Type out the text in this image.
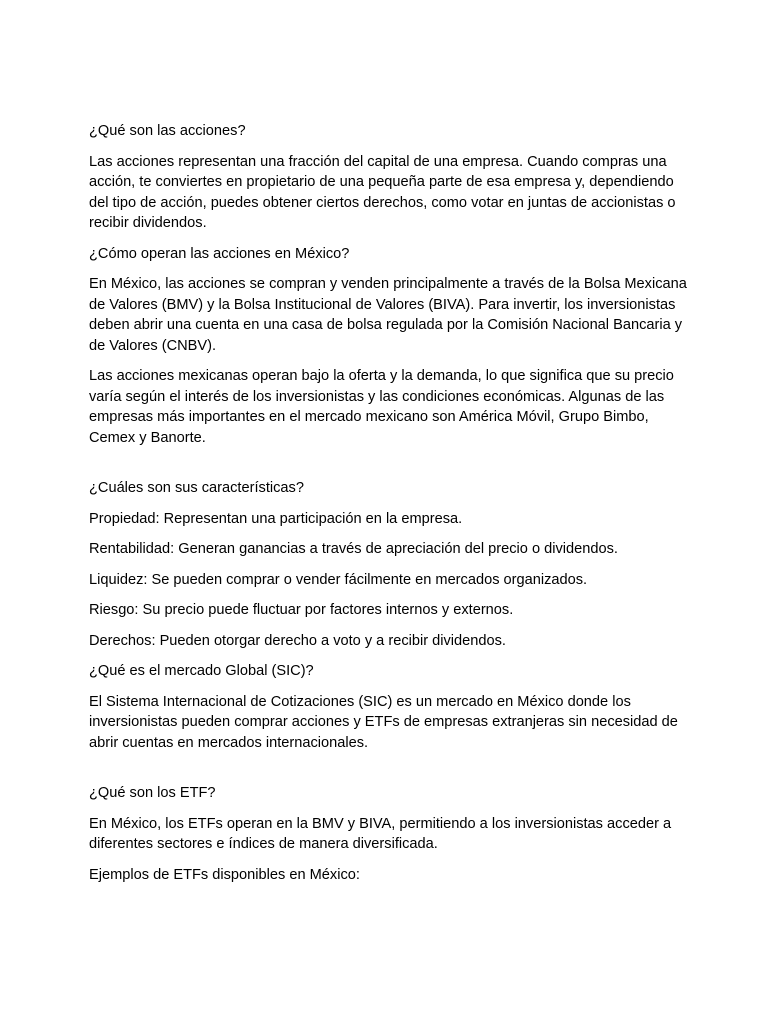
¿Qué son las acciones?

Las acciones representan una fracción del capital de una empresa. Cuando compras una acción, te conviertes en propietario de una pequeña parte de esa empresa y, dependiendo del tipo de acción, puedes obtener ciertos derechos, como votar en juntas de accionistas o recibir dividendos.

¿Cómo operan las acciones en México?

En México, las acciones se compran y venden principalmente a través de la Bolsa Mexicana de Valores (BMV) y la Bolsa Institucional de Valores (BIVA). Para invertir, los inversionistas deben abrir una cuenta en una casa de bolsa regulada por la Comisión Nacional Bancaria y de Valores (CNBV).

Las acciones mexicanas operan bajo la oferta y la demanda, lo que significa que su precio varía según el interés de los inversionistas y las condiciones económicas. Algunas de las empresas más importantes en el mercado mexicano son América Móvil, Grupo Bimbo, Cemex y Banorte.

¿Cuáles son sus características?

Propiedad: Representan una participación en la empresa.

Rentabilidad: Generan ganancias a través de apreciación del precio o dividendos.

Liquidez: Se pueden comprar o vender fácilmente en mercados organizados.

Riesgo: Su precio puede fluctuar por factores internos y externos.

Derechos: Pueden otorgar derecho a voto y a recibir dividendos.

¿Qué es el mercado Global (SIC)?

El Sistema Internacional de Cotizaciones (SIC) es un mercado en México donde los inversionistas pueden comprar acciones y ETFs de empresas extranjeras sin necesidad de abrir cuentas en mercados internacionales.

¿Qué son los ETF?

En México, los ETFs operan en la BMV y BIVA, permitiendo a los inversionistas acceder a diferentes sectores e índices de manera diversificada.

Ejemplos de ETFs disponibles en México:
